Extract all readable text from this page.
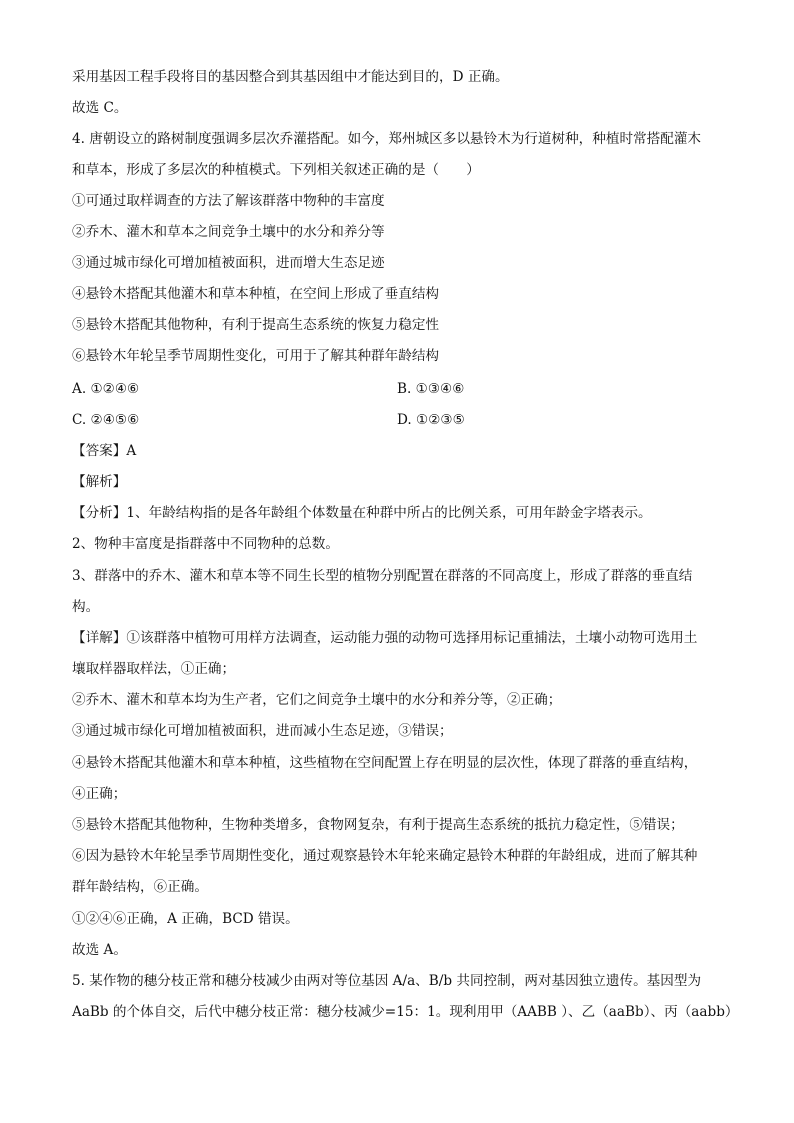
采用基因工程手段将目的基因整合到其基因组中才能达到目的，D 正确。
故选 C。
4. 唐朝设立的路树制度强调多层次乔灌搭配。如今，郑州城区多以悬铃木为行道树种，种植时常搭配灌木
和草本，形成了多层次的种植模式。下列相关叙述正确的是（　　）
①可通过取样调查的方法了解该群落中物种的丰富度
②乔木、灌木和草本之间竞争土壤中的水分和养分等
③通过城市绿化可增加植被面积，进而增大生态足迹
④悬铃木搭配其他灌木和草本种植，在空间上形成了垂直结构
⑤悬铃木搭配其他物种，有利于提高生态系统的恢复力稳定性
⑥悬铃木年轮呈季节周期性变化，可用于了解其种群年龄结构
A. ①②④⑥	B. ①③④⑥
C. ②④⑤⑥	D. ①②③⑤
【答案】A
【解析】
【分析】1、年龄结构指的是各年龄组个体数量在种群中所占的比例关系，可用年龄金字塔表示。
2、物种丰富度是指群落中不同物种的总数。
3、群落中的乔木、灌木和草本等不同生长型的植物分别配置在群落的不同高度上，形成了群落的垂直结
构。
【详解】①该群落中植物可用样方法调查，运动能力强的动物可选择用标记重捕法，土壤小动物可选用土
壤取样器取样法，①正确；
②乔木、灌木和草本均为生产者，它们之间竞争土壤中的水分和养分等，②正确；
③通过城市绿化可增加植被面积，进而减小生态足迹，③错误；
④悬铃木搭配其他灌木和草本种植，这些植物在空间配置上存在明显的层次性，体现了群落的垂直结构，
④正确；
⑤悬铃木搭配其他物种，生物种类增多，食物网复杂，有利于提高生态系统的抵抗力稳定性，⑤错误；
⑥因为悬铃木年轮呈季节周期性变化，通过观察悬铃木年轮来确定悬铃木种群的年龄组成，进而了解其种
群年龄结构，⑥正确。
①②④⑥正确，A 正确，BCD 错误。
故选 A。
5. 某作物的穗分枝正常和穗分枝减少由两对等位基因 A/a、B/b 共同控制，两对基因独立遗传。基因型为
AaBb 的个体自交，后代中穗分枝正常：穗分枝减少=15：1。现利用甲（AABB ）、乙（aaBb）、丙（aabb）
